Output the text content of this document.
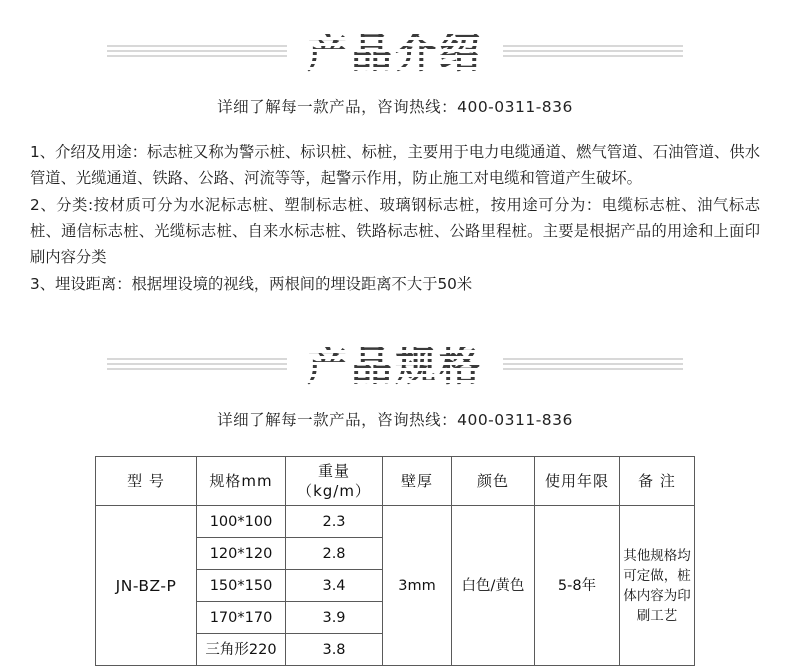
产品介绍
详细了解每一款产品，咨询热线：400-0311-836

1、介绍及用途：标志桩又称为警示桩、标识桩、标桩，主要用于电力电缆通道、燃气管道、石油管道、供水管道、光缆通道、铁路、公路、河流等等，起警示作用，防止施工对电缆和管道产生破坏。

2、分类:按材质可分为水泥标志桩、塑制标志桩、玻璃钢标志桩，按用途可分为：电缆标志桩、油气标志桩、通信标志桩、光缆标志桩、自来水标志桩、铁路标志桩、公路里程桩。主要是根据产品的用途和上面印刷内容分类

3、埋设距离：根据埋设境的视线，两根间的埋设距离不大于50米

产品规格
详细了解每一款产品，咨询热线：400-0311-836
型 号	规格mm	重量（kg/m）	壁厚	颜色	使用年限	备 注
JN-BZ-P	100*100	2.3	3mm	白色/黄色	5-8年	其他规格均可定做，桩体内容为印刷工艺
	120*120	2.8				
	150*150	3.4				
	170*170	3.9				
	三角形220	3.8				
